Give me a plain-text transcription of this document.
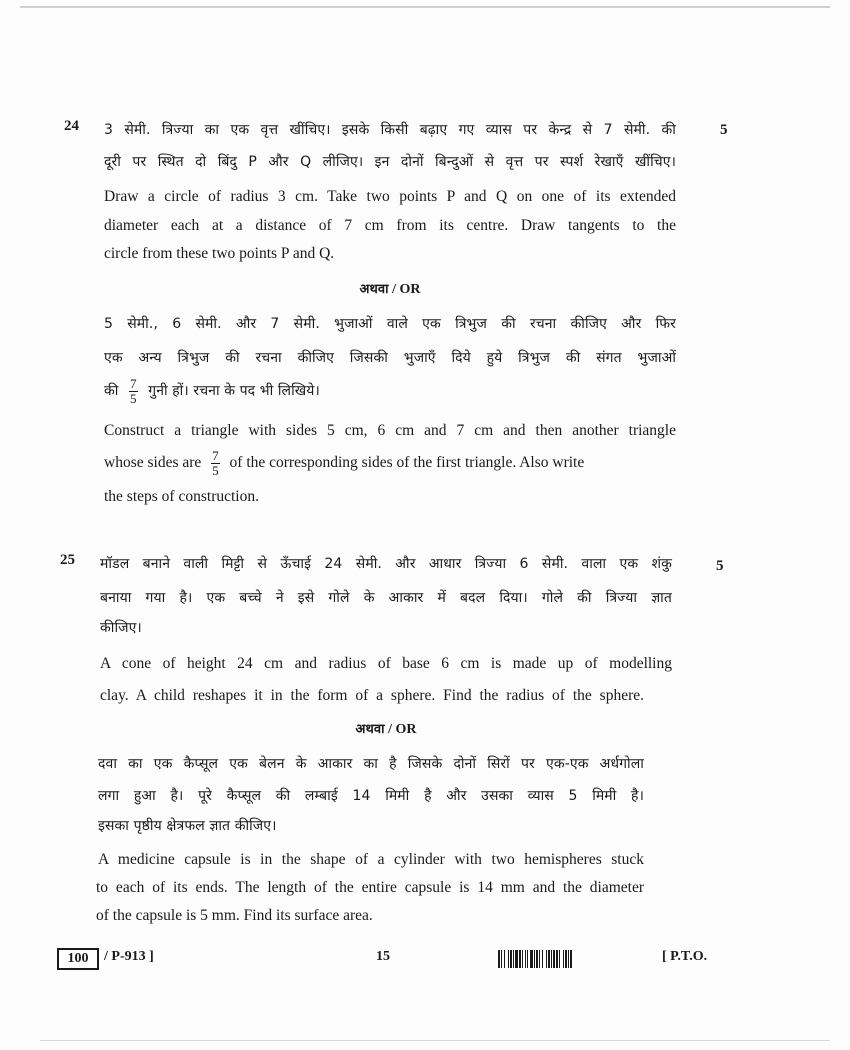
24	5
3 सेमी. त्रिज्या का एक वृत्त खींचिए। इसके किसी बढ़ाए गए व्यास पर केन्द्र से 7 सेमी. की
दूरी पर स्थित दो बिंदु P और Q लीजिए। इन दोनों बिन्दुओं से वृत्त पर स्पर्श रेखाएँ खींचिए।
Draw a circle of radius 3 cm. Take two points P and Q on one of its extended
diameter each at a distance of 7 cm from its centre. Draw tangents to the
circle from these two points P and Q.
अथवा / OR
5 सेमी., 6 सेमी. और 7 सेमी. भुजाओं वाले एक त्रिभुज की रचना कीजिए और फिर
एक अन्य त्रिभुज की रचना कीजिए जिसकी भुजाएँ दिये हुये त्रिभुज की संगत भुजाओं
की $\frac{7}{5}$ गुनी हों। रचना के पद भी लिखिये।
Construct a triangle with sides 5 cm, 6 cm and 7 cm and then another triangle
whose sides are $\frac{7}{5}$ of the corresponding sides of the first triangle. Also write
the steps of construction.
25	5
मॉडल बनाने वाली मिट्टी से ऊँचाई 24 सेमी. और आधार त्रिज्या 6 सेमी. वाला एक शंकु
बनाया गया है। एक बच्चे ने इसे गोले के आकार में बदल दिया। गोले की त्रिज्या ज्ञात
कीजिए।
A cone of height 24 cm and radius of base 6 cm is made up of modelling
clay. A child reshapes it in the form of a sphere. Find the radius of the sphere.
अथवा / OR
दवा का एक कैप्सूल एक बेलन के आकार का है जिसके दोनों सिरों पर एक-एक अर्धगोला
लगा हुआ है। पूरे कैप्सूल की लम्बाई 14 मिमी है और उसका व्यास 5 मिमी है।
इसका पृष्ठीय क्षेत्रफल ज्ञात कीजिए।
A medicine capsule is in the shape of a cylinder with two hemispheres stuck
to each of its ends. The length of the entire capsule is 14 mm and the diameter
of the capsule is 5 mm. Find its surface area.
100	/ P-913 ]	15	[ P.T.O.
